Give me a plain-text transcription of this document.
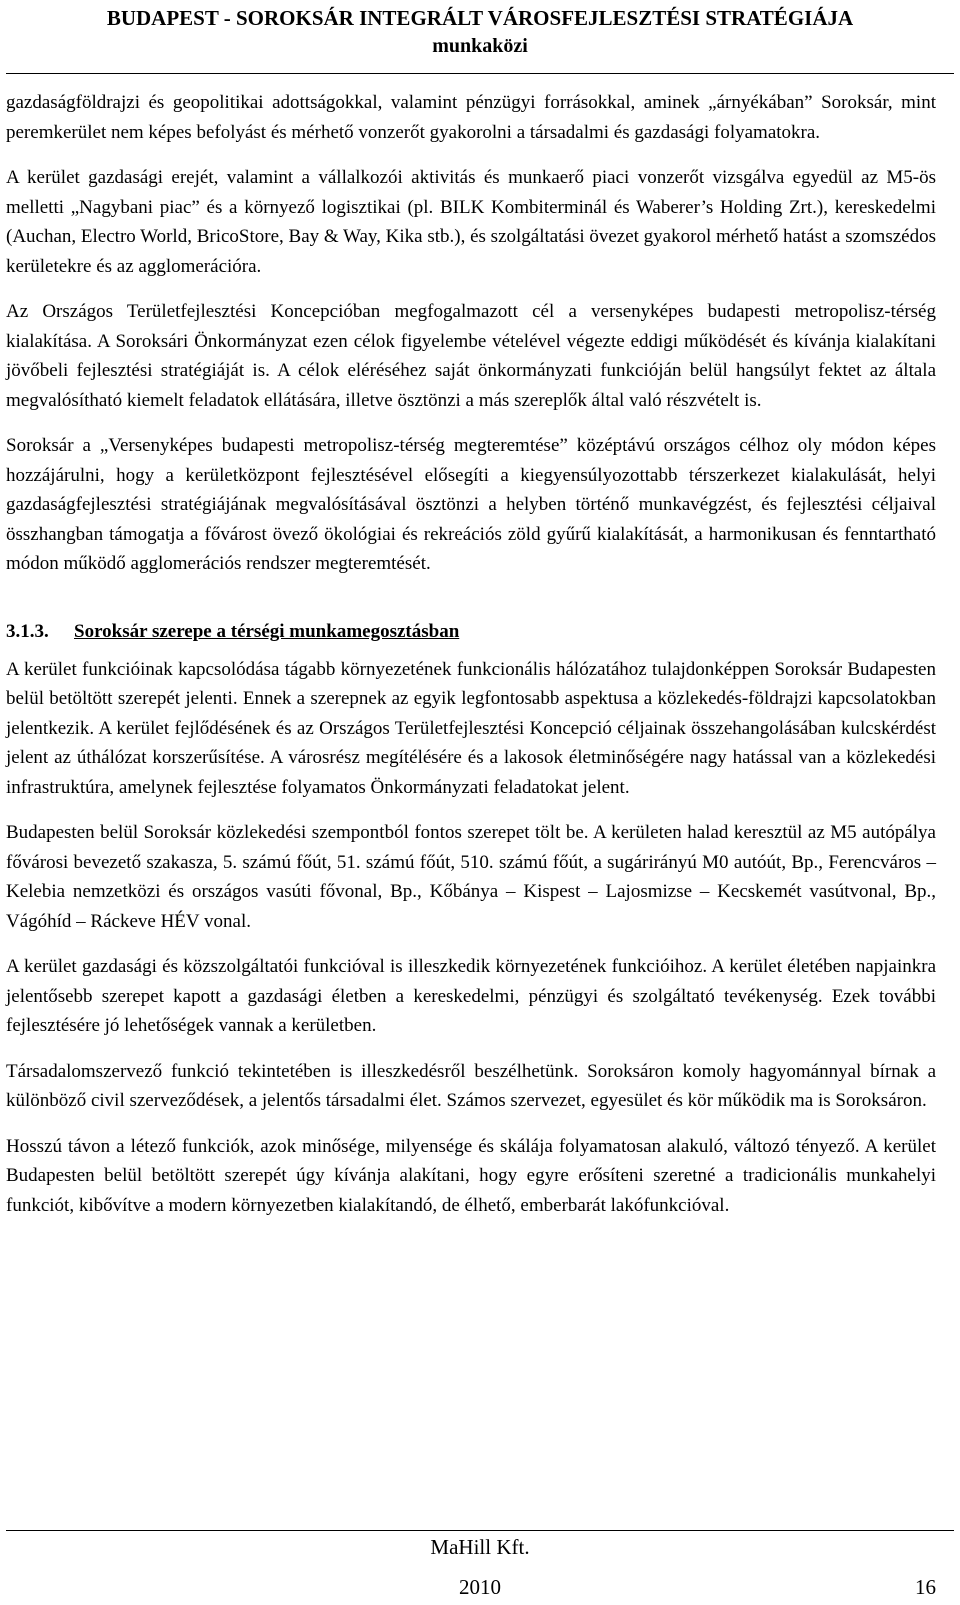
BUDAPEST - SOROKSÁR INTEGRÁLT VÁROSFEJLESZTÉSI STRATÉGIÁJA
munkaközi

gazdaságföldrajzi és geopolitikai adottságokkal, valamint pénzügyi forrásokkal, aminek „árnyékában” Soroksár, mint peremkerület nem képes befolyást és mérhető vonzerőt gyakorolni a társadalmi és gazdasági folyamatokra.

A kerület gazdasági erejét, valamint a vállalkozói aktivitás és munkaerő piaci vonzerőt vizsgálva egyedül az M5-ös melletti „Nagybani piac” és a környező logisztikai (pl. BILK Kombiterminál és Waberer’s Holding Zrt.), kereskedelmi (Auchan, Electro World, BricoStore, Bay & Way, Kika stb.), és szolgáltatási övezet gyakorol mérhető hatást a szomszédos kerületekre és az agglomerációra.

Az Országos Területfejlesztési Koncepcióban megfogalmazott cél a versenyképes budapesti metropolisz-térség kialakítása. A Soroksári Önkormányzat ezen célok figyelembe vételével végezte eddigi működését és kívánja kialakítani jövőbeli fejlesztési stratégiáját is. A célok eléréséhez saját önkormányzati funkcióján belül hangsúlyt fektet az általa megvalósítható kiemelt feladatok ellátására, illetve ösztönzi a más szereplők által való részvételt is.

Soroksár a „Versenyképes budapesti metropolisz-térség megteremtése” középtávú országos célhoz oly módon képes hozzájárulni, hogy a kerületközpont fejlesztésével elősegíti a kiegyensúlyozottabb térszerkezet kialakulását, helyi gazdaságfejlesztési stratégiájának megvalósításával ösztönzi a helyben történő munkavégzést, és fejlesztési céljaival összhangban támogatja a fővárost övező ökológiai és rekreációs zöld gyűrű kialakítását, a harmonikusan és fenntartható módon működő agglomerációs rendszer megteremtését.

3.1.3. Soroksár szerepe a térségi munkamegosztásban

A kerület funkcióinak kapcsolódása tágabb környezetének funkcionális hálózatához tulajdonképpen Soroksár Budapesten belül betöltött szerepét jelenti. Ennek a szerepnek az egyik legfontosabb aspektusa a közlekedés-földrajzi kapcsolatokban jelentkezik. A kerület fejlődésének és az Országos Területfejlesztési Koncepció céljainak összehangolásában kulcskérdést jelent az úthálózat korszerűsítése. A városrész megítélésére és a lakosok életminőségére nagy hatással van a közlekedési infrastruktúra, amelynek fejlesztése folyamatos Önkormányzati feladatokat jelent.

Budapesten belül Soroksár közlekedési szempontból fontos szerepet tölt be. A kerületen halad keresztül az M5 autópálya fővárosi bevezető szakasza, 5. számú főút, 51. számú főút, 510. számú főút, a sugárirányú M0 autóút, Bp., Ferencváros – Kelebia nemzetközi és országos vasúti fővonal, Bp., Kőbánya – Kispest – Lajosmizse – Kecskemét vasútvonal, Bp., Vágóhíd – Ráckeve HÉV vonal.

A kerület gazdasági és közszolgáltatói funkcióval is illeszkedik környezetének funkcióihoz. A kerület életében napjainkra jelentősebb szerepet kapott a gazdasági életben a kereskedelmi, pénzügyi és szolgáltató tevékenység. Ezek további fejlesztésére jó lehetőségek vannak a kerületben.

Társadalomszervező funkció tekintetében is illeszkedésről beszélhetünk. Soroksáron komoly hagyománnyal bírnak a különböző civil szerveződések, a jelentős társadalmi élet. Számos szervezet, egyesület és kör működik ma is Soroksáron.

Hosszú távon a létező funkciók, azok minősége, milyensége és skálája folyamatosan alakuló, változó tényező. A kerület Budapesten belül betöltött szerepét úgy kívánja alakítani, hogy egyre erősíteni szeretné a tradicionális munkahelyi funkciót, kibővítve a modern környezetben kialakítandó, de élhető, emberbarát lakófunkcióval.

MaHill Kft.
2010	16
